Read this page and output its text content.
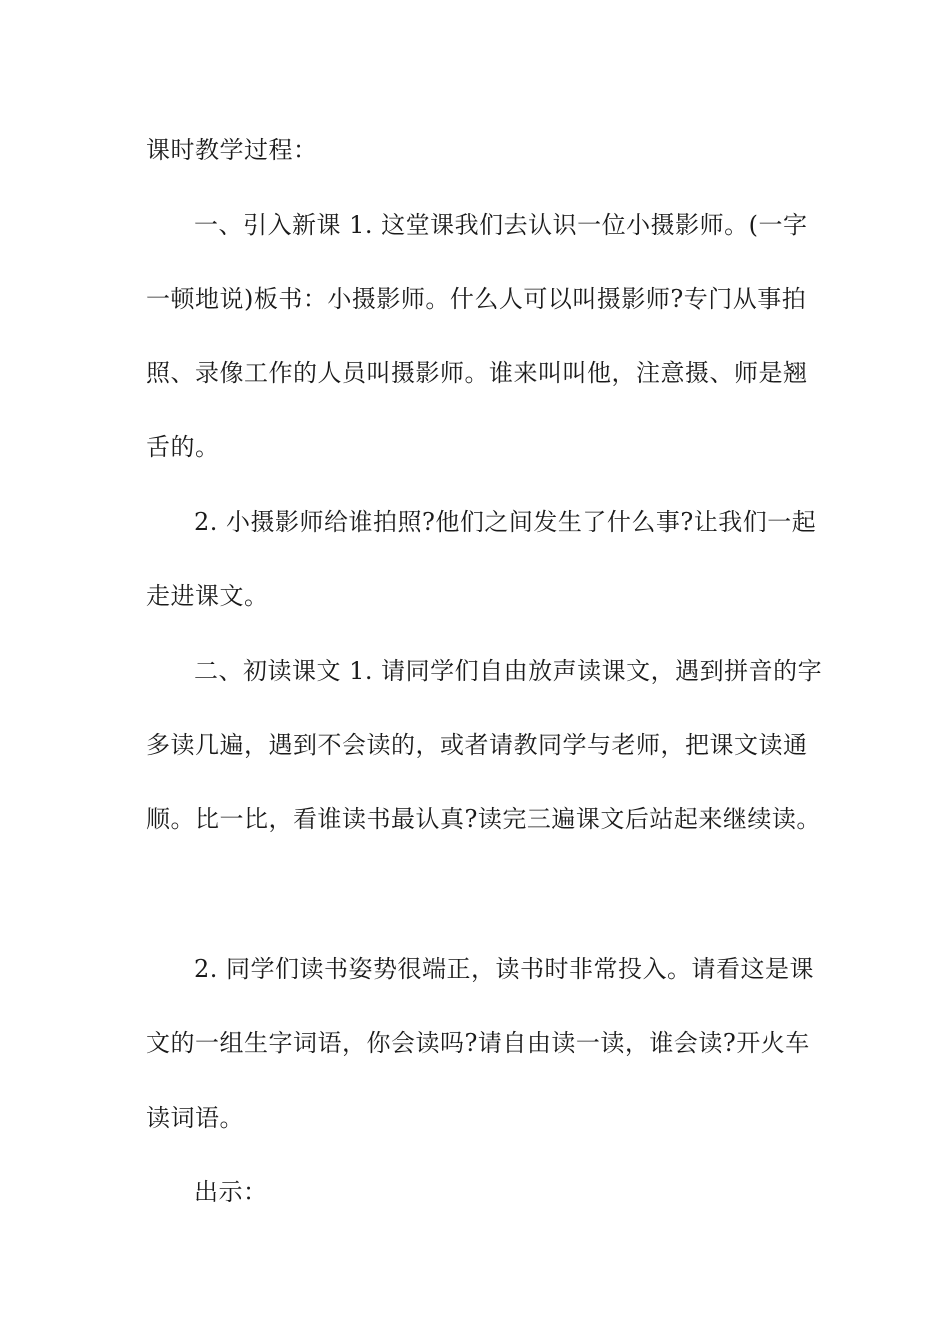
课时教学过程：
一、引入新课 1. 这堂课我们去认识一位小摄影师。(一字
一顿地说)板书：小摄影师。什么人可以叫摄影师?专门从事拍
照、录像工作的人员叫摄影师。谁来叫叫他，注意摄、师是翘
舌的。
2. 小摄影师给谁拍照?他们之间发生了什么事?让我们一起
走进课文。
二、初读课文 1. 请同学们自由放声读课文，遇到拼音的字
多读几遍，遇到不会读的，或者请教同学与老师，把课文读通
顺。比一比，看谁读书最认真?读完三遍课文后站起来继续读。
2. 同学们读书姿势很端正，读书时非常投入。请看这是课
文的一组生字词语，你会读吗?请自由读一读，谁会读?开火车
读词语。
出示：
